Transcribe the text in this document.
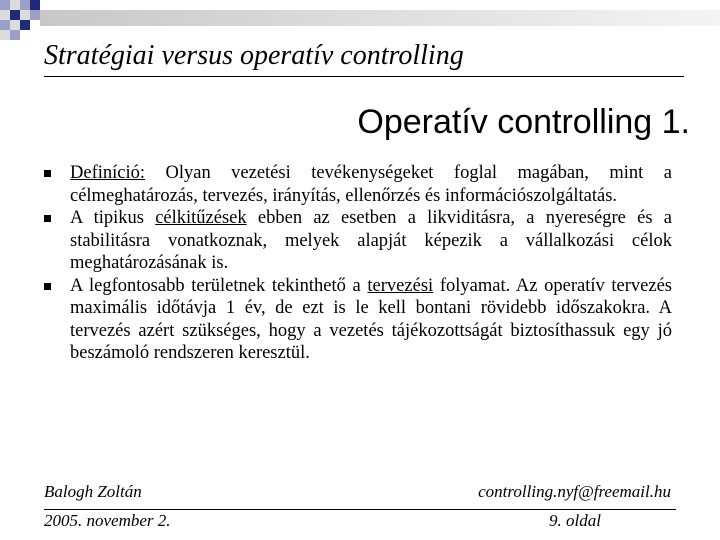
Stratégiai versus operatív controlling
Operatív controlling 1.
Definíció: Olyan vezetési tevékenységeket foglal magában, mint a célmeghatározás, tervezés, irányítás, ellenőrzés és információszolgáltatás.
A tipikus célkitűzések ebben az esetben a likviditásra, a nyereségre és a stabilitásra vonatkoznak, melyek alapját képezik a vállalkozási célok meghatározásának is.
A legfontosabb területnek tekinthető a tervezési folyamat. Az operatív tervezés maximális időtávja 1 év, de ezt is le kell bontani rövidebb időszakokra. A tervezés azért szükséges, hogy a vezetés tájékozottságát biztosíthassuk egy jó beszámoló rendszeren keresztül.
Balogh Zoltán	controlling.nyf@freemail.hu
2005. november 2.	9. oldal
